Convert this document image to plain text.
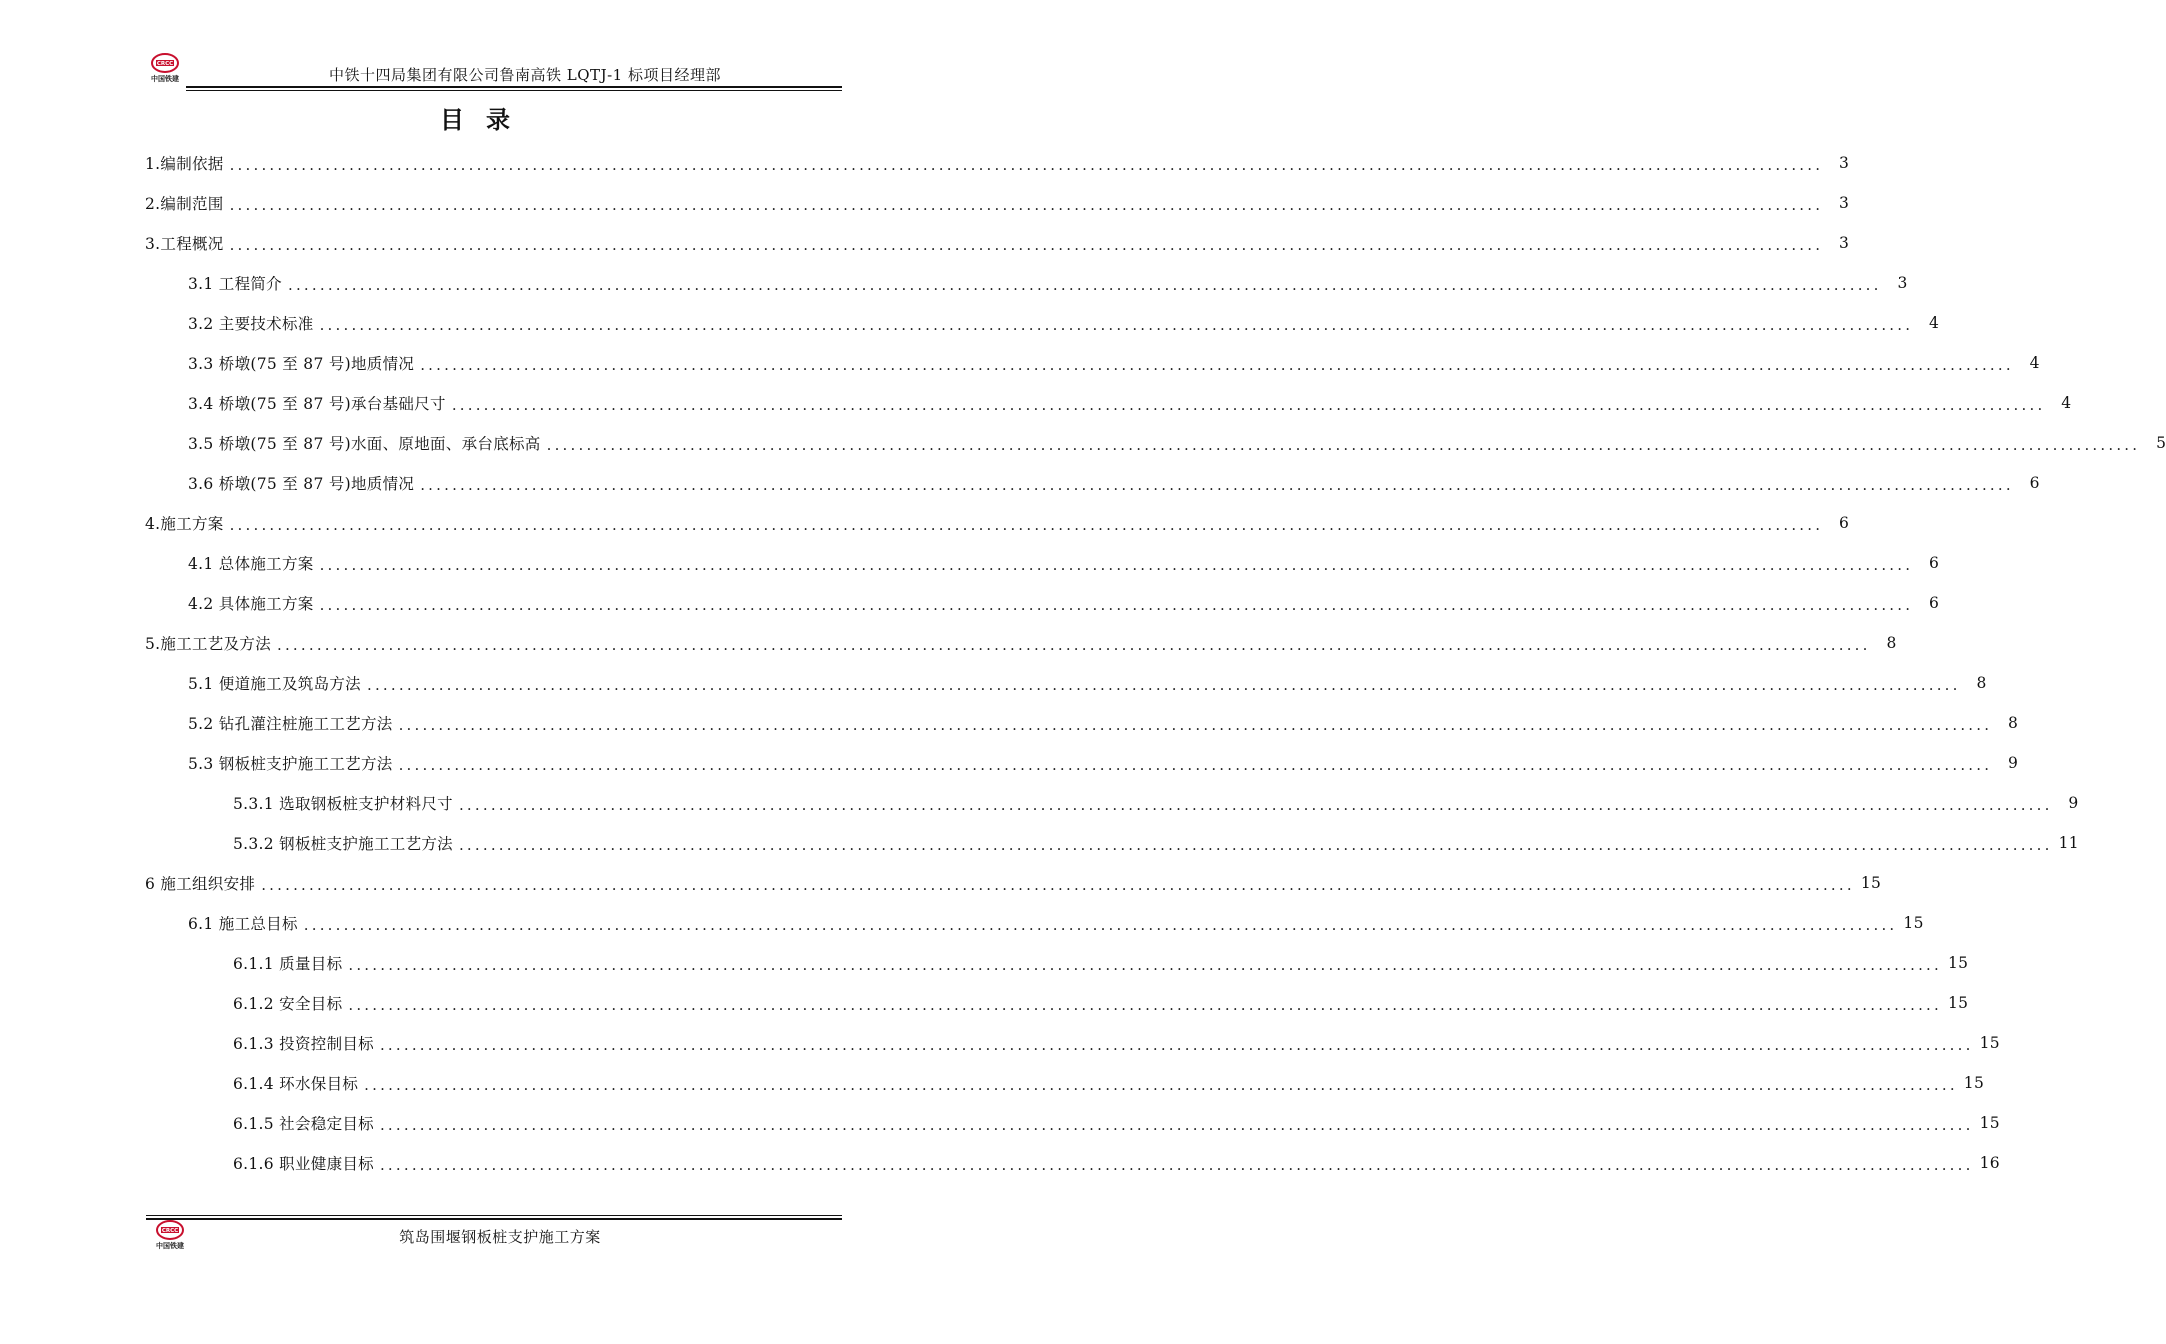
CRCC
中国铁建	中铁十四局集团有限公司鲁南高铁 LQTJ-1 标项目经理部
目录
1.编制依据 ........................................................................................................................................................................................................	3
2.编制范围 ........................................................................................................................................................................................................	3
3.工程概况 ........................................................................................................................................................................................................	3
3.1 工程简介 ........................................................................................................................................................................................................	3
3.2 主要技术标准 ........................................................................................................................................................................................................	4
3.3 桥墩(75 至 87 号)地质情况 ........................................................................................................................................................................................................	4
3.4 桥墩(75 至 87 号)承台基础尺寸 ........................................................................................................................................................................................................	4
3.5 桥墩(75 至 87 号)水面、原地面、承台底标高 ........................................................................................................................................................................................................	5
3.6 桥墩(75 至 87 号)地质情况 ........................................................................................................................................................................................................	6
4.施工方案 ........................................................................................................................................................................................................	6
4.1 总体施工方案 ........................................................................................................................................................................................................	6
4.2 具体施工方案 ........................................................................................................................................................................................................	6
5.施工工艺及方法 ........................................................................................................................................................................................................	8
5.1 便道施工及筑岛方法 ........................................................................................................................................................................................................	8
5.2 钻孔灌注桩施工工艺方法 ........................................................................................................................................................................................................	8
5.3 钢板桩支护施工工艺方法 ........................................................................................................................................................................................................	9
5.3.1 选取钢板桩支护材料尺寸 ........................................................................................................................................................................................................	9
5.3.2 钢板桩支护施工工艺方法 ........................................................................................................................................................................................................ 11
6 施工组织安排 ........................................................................................................................................................................................................ 15
6.1 施工总目标 ........................................................................................................................................................................................................ 15
6.1.1 质量目标 ........................................................................................................................................................................................................ 15
6.1.2 安全目标 ........................................................................................................................................................................................................ 15
6.1.3 投资控制目标 ........................................................................................................................................................................................................ 15
6.1.4 环水保目标 ........................................................................................................................................................................................................ 15
6.1.5 社会稳定目标 ........................................................................................................................................................................................................ 15
6.1.6 职业健康目标 ........................................................................................................................................................................................................ 16
CRCC
中国铁建	筑岛围堰钢板桩支护施工方案
